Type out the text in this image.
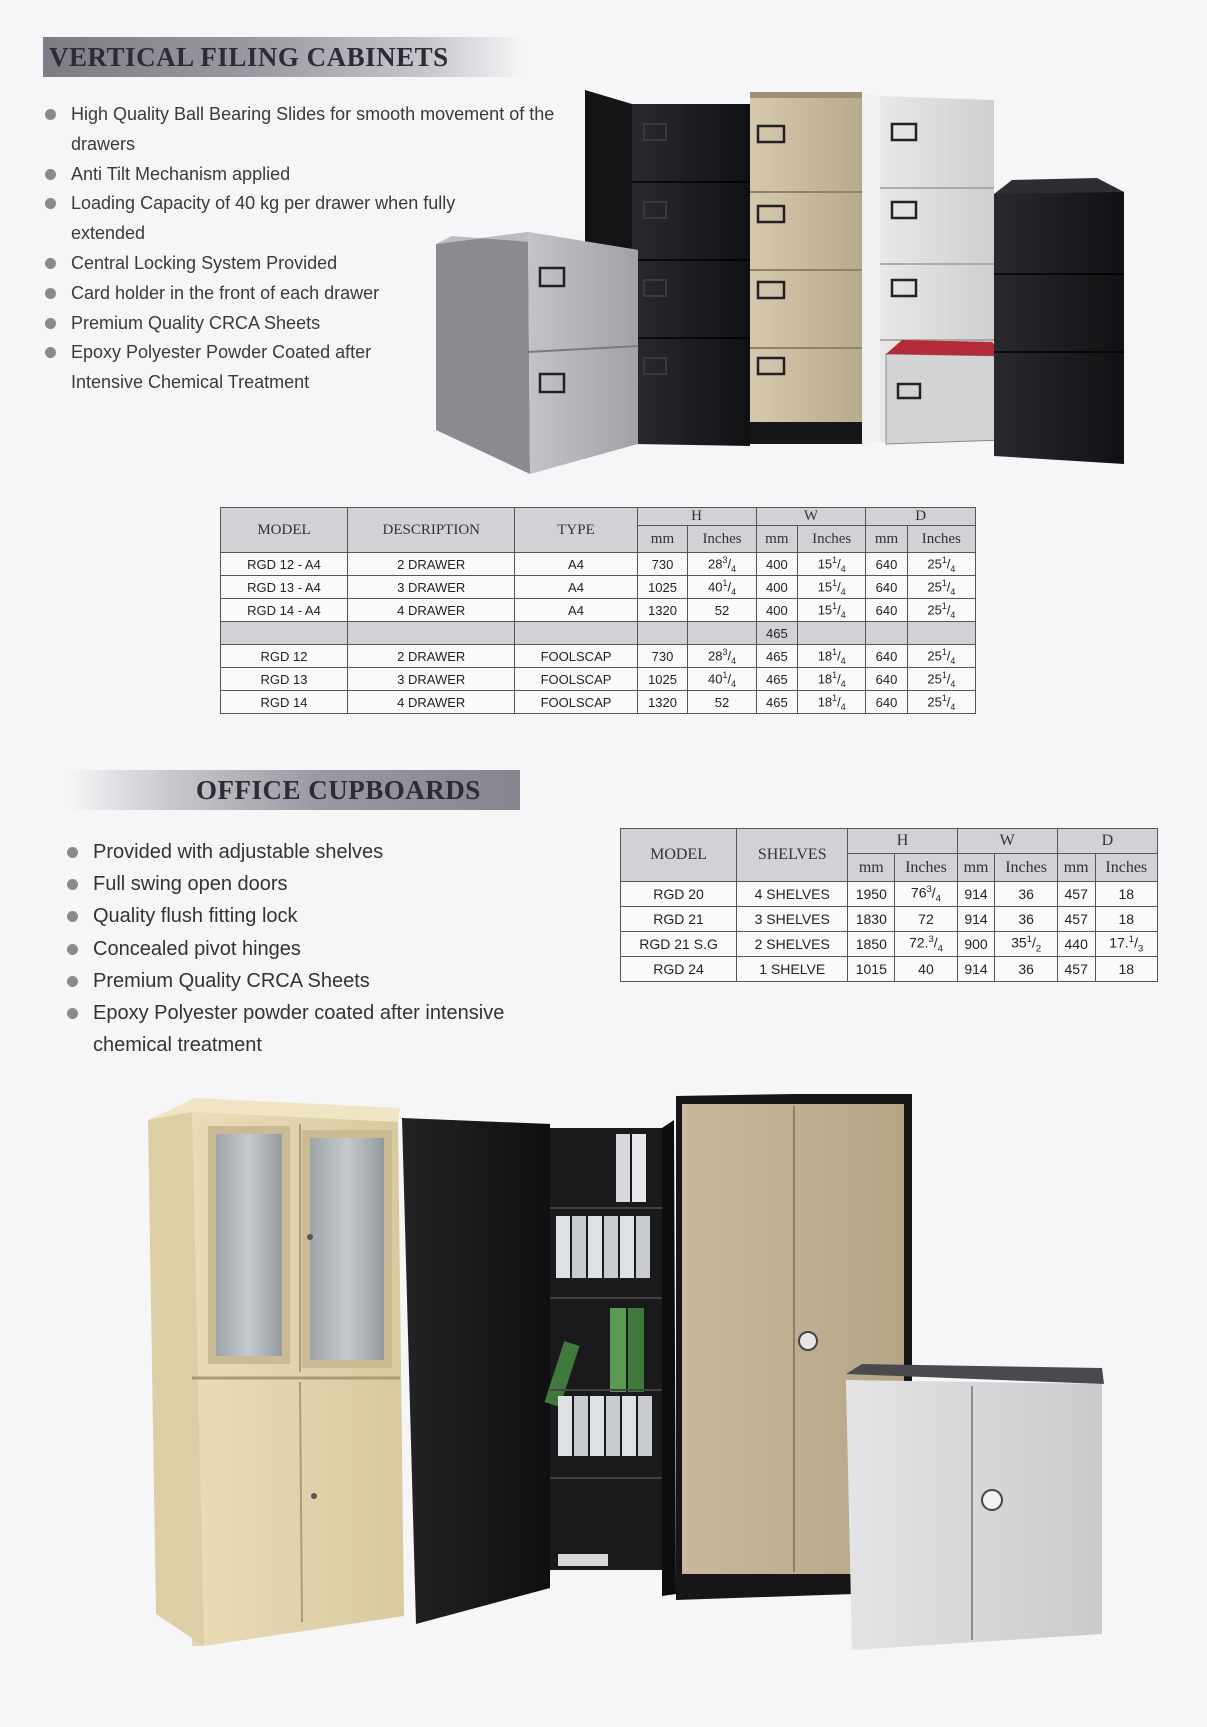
VERTICAL FILING CABINETS
High Quality Ball Bearing Slides for smooth movement of the drawers
Anti Tilt Mechanism applied
Loading Capacity of 40 kg per drawer when fully extended
Central Locking System Provided
Card holder in the front of each drawer
Premium Quality CRCA Sheets
Epoxy Polyester Powder Coated after Intensive Chemical Treatment
MODEL	DESCRIPTION	TYPE	H		W		D	
			mm	Inches	mm	Inches	mm	Inches
RGD 12 - A4	2 DRAWER	A4	730	$28^3/_4$	400	$15^1/_4$	640	$25^1/_4$
RGD 13 - A4	3 DRAWER	A4	1025	$40^1/_4$	400	$15^1/_4$	640	$25^1/_4$
RGD 14 - A4	4 DRAWER	A4	1320	52	400	$15^1/_4$	640	$25^1/_4$
					465			
RGD 12	2 DRAWER	FOOLSCAP	730	$28^3/_4$	465	$18^1/_4$	640	$25^1/_4$
RGD 13	3 DRAWER	FOOLSCAP	1025	$40^1/_4$	465	$18^1/_4$	640	$25^1/_4$
RGD 14	4 DRAWER	FOOLSCAP	1320	52	465	$18^1/_4$	640	$25^1/_4$
OFFICE CUPBOARDS
Provided with adjustable shelves
Full swing open doors
Quality flush fitting lock
Concealed pivot hinges
Premium Quality CRCA Sheets
Epoxy Polyester powder coated after intensive chemical treatment
MODEL	SHELVES	H		W		D	
		mm	Inches	mm	Inches	mm	Inches
RGD 20	4 SHELVES	1950	$76^3/_4$	914	36	457	18
RGD 21	3 SHELVES	1830	72	914	36	457	18
RGD 21 S.G	2 SHELVES	1850	$72.^3/_4$	900	$35^1/_2$	440	$17.^1/_3$
RGD 24	1 SHELVE	1015	40	914	36	457	18
